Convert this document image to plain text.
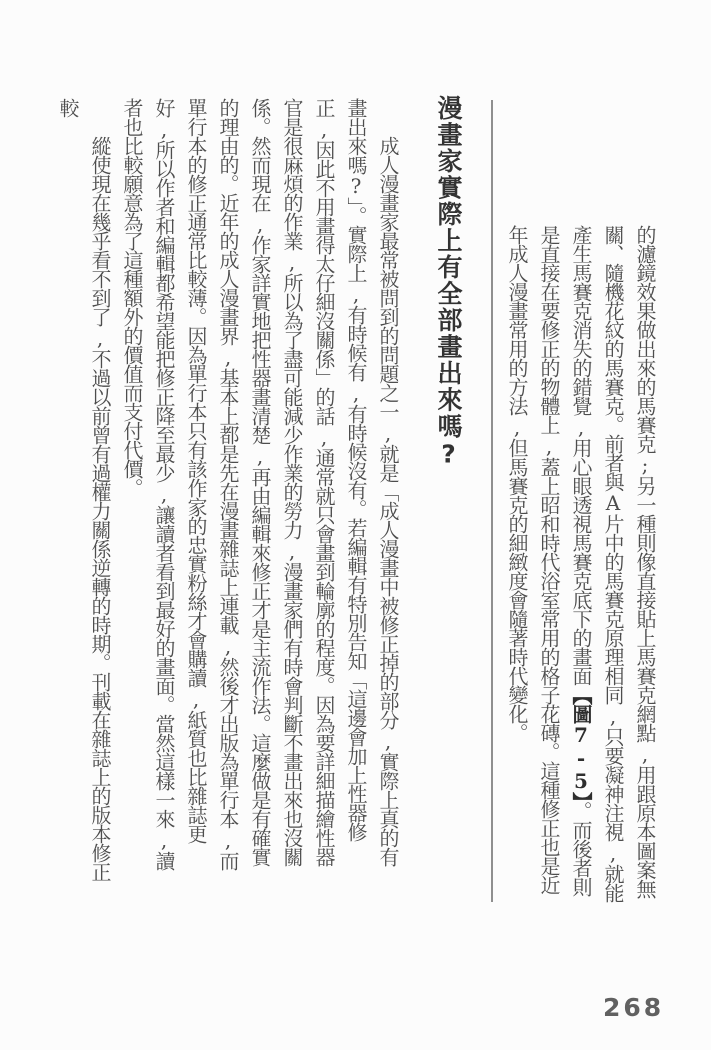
的濾鏡效果做出來的馬賽克;另一種則像直接貼上馬賽克網點,用跟原本圖案無關、隨機花紋的馬賽克。前者與A片中的馬賽克原理相同,只要凝神注視,就能產生馬賽克消失的錯覺,用心眼透視馬賽克底下的畫面【圖7-5】。而後者則是直接在要修正的物體上,蓋上昭和時代浴室常用的格子花磚。這種修正也是近年成人漫畫常用的方法,但馬賽克的細緻度會隨著時代變化。

漫畫家實際上有全部畫出來嗎?

成人漫畫家最常被問到的問題之一,就是「成人漫畫中被修正掉的部分,實際上真的有畫出來嗎?」。實際上,有時候有,有時候沒有。若編輯有特別告知「這邊會加上性器修正,因此不用畫得太仔細沒關係」的話,通常就只會畫到輪廓的程度。因為要詳細描繪性器官是很麻煩的作業,所以為了盡可能減少作業的勞力,漫畫家們有時會判斷不畫出來也沒關係。然而現在,作家詳實地把性器畫清楚,再由編輯來修正才是主流作法。這麼做是有確實的理由的。近年的成人漫畫界,基本上都是先在漫畫雜誌上連載,然後才出版為單行本,而單行本的修正通常比較薄。因為單行本只有該作家的忠實粉絲才會購讀,紙質也比雜誌更好,所以作者和編輯都希望能把修正降至最少,讓讀者看到最好的畫面。當然這樣一來,讀者也比較願意為了這種額外的價值而支付代價。

縱使現在幾乎看不到了,不過以前曾有過權力關係逆轉的時期。刊載在雜誌上的版本修正較

268
